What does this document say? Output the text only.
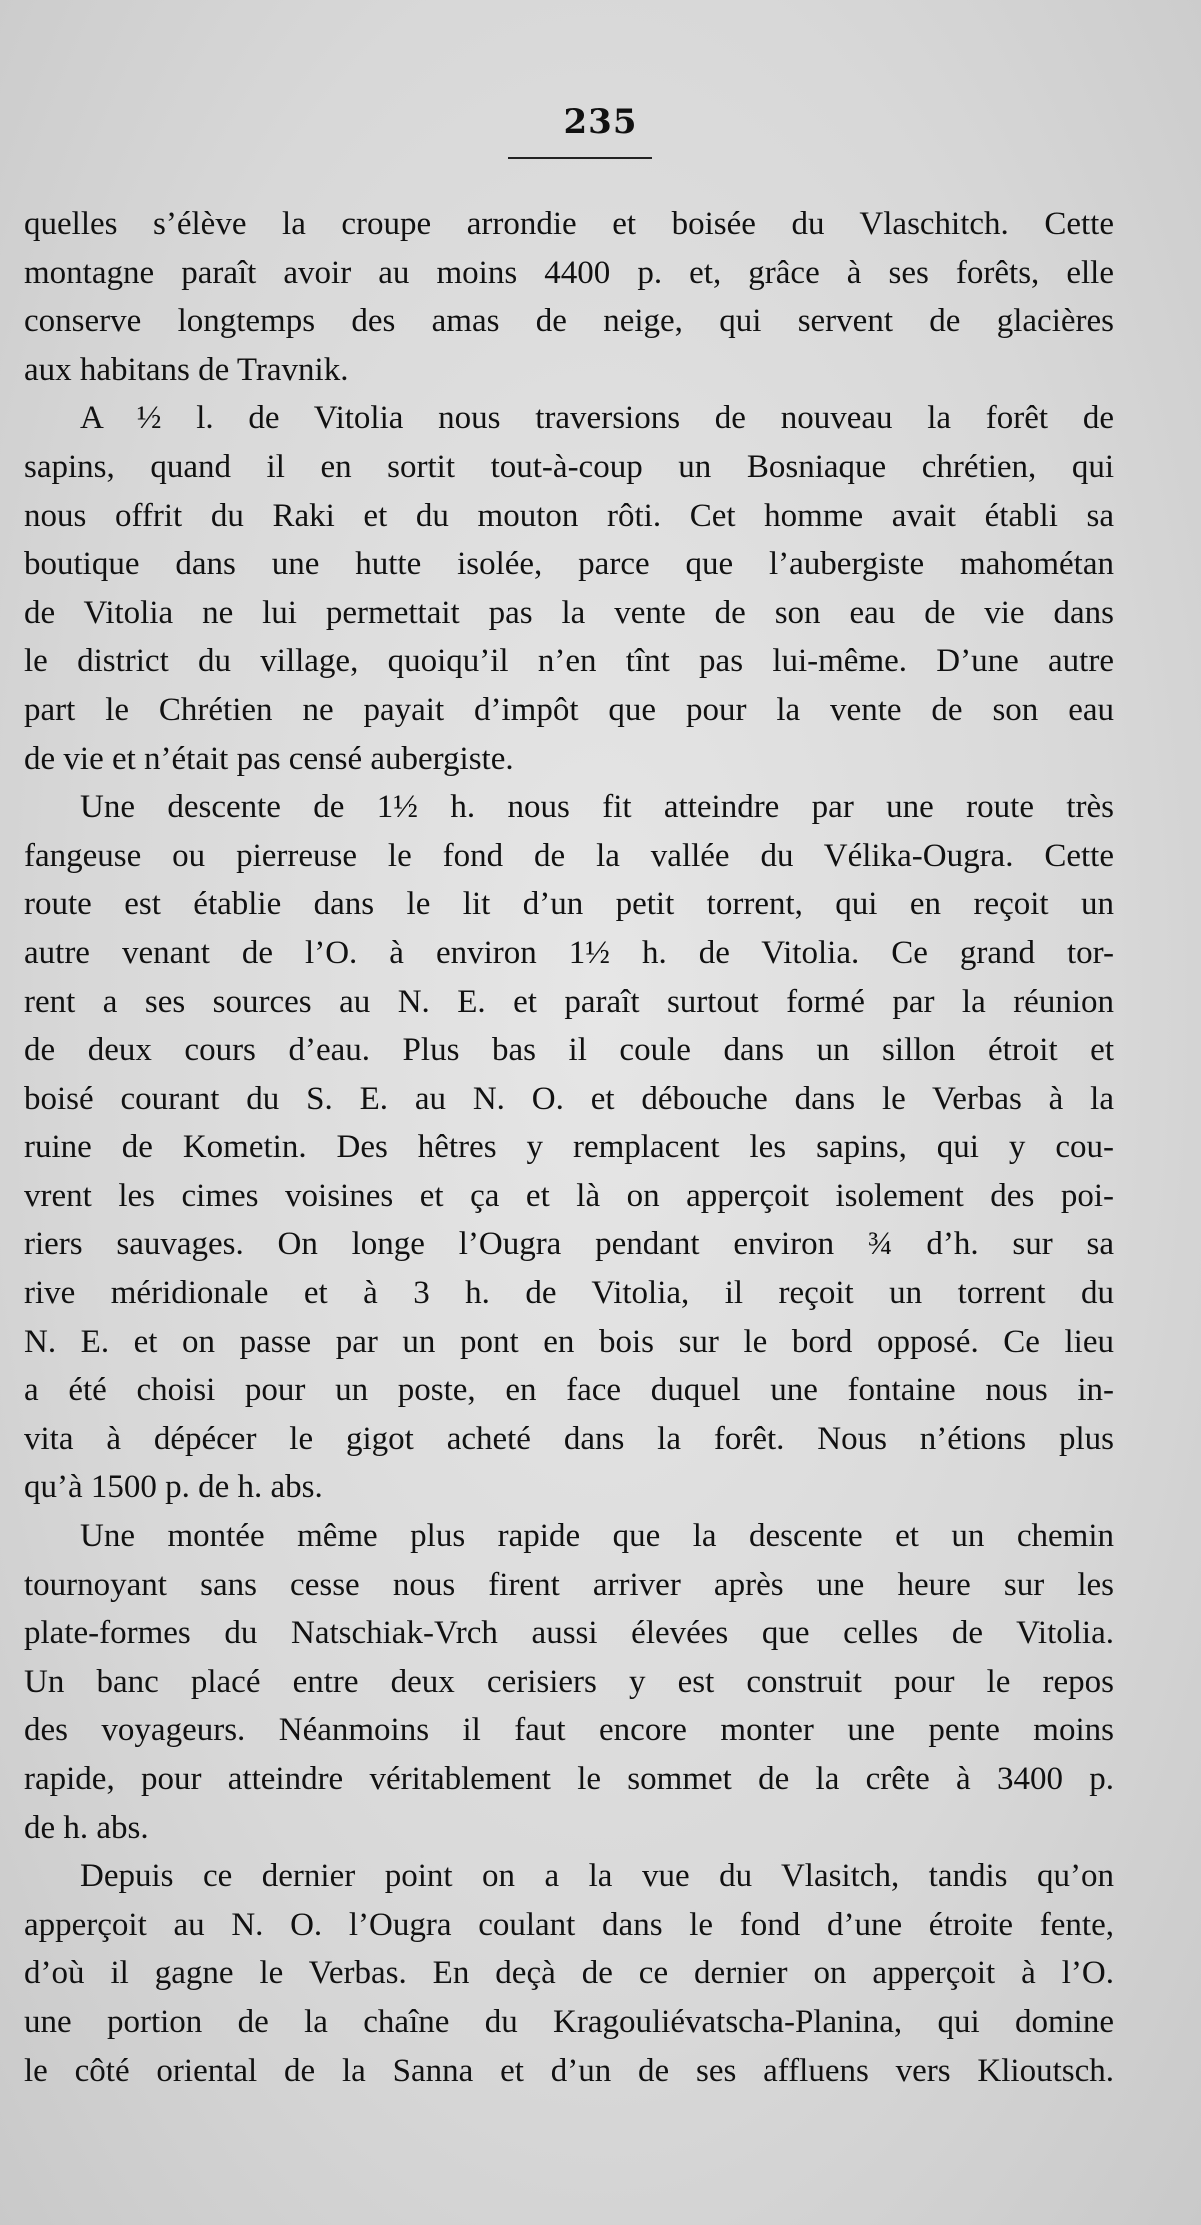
235
quelles s’élève la croupe arrondie et boisée du Vlaschitch. Cette
montagne paraît avoir au moins 4400 p. et, grâce à ses forêts, elle
conserve longtemps des amas de neige, qui servent de glacières
aux habitans de Travnik.
A ½ l. de Vitolia nous traversions de nouveau la forêt de
sapins, quand il en sortit tout-à-coup un Bosniaque chrétien, qui
nous offrit du Raki et du mouton rôti. Cet homme avait établi sa
boutique dans une hutte isolée, parce que l’aubergiste mahométan
de Vitolia ne lui permettait pas la vente de son eau de vie dans
le district du village, quoiqu’il n’en tînt pas lui-même. D’une autre
part le Chrétien ne payait d’impôt que pour la vente de son eau
de vie et n’était pas censé aubergiste.
Une descente de 1½ h. nous fit atteindre par une route très
fangeuse ou pierreuse le fond de la vallée du Vélika-Ougra. Cette
route est établie dans le lit d’un petit torrent, qui en reçoit un
autre venant de l’O. à environ 1½ h. de Vitolia. Ce grand tor-
rent a ses sources au N. E. et paraît surtout formé par la réunion
de deux cours d’eau. Plus bas il coule dans un sillon étroit et
boisé courant du S. E. au N. O. et débouche dans le Verbas à la
ruine de Kometin. Des hêtres y remplacent les sapins, qui y cou-
vrent les cimes voisines et ça et là on apperçoit isolement des poi-
riers sauvages. On longe l’Ougra pendant environ ¾ d’h. sur sa
rive méridionale et à 3 h. de Vitolia, il reçoit un torrent du
N. E. et on passe par un pont en bois sur le bord opposé. Ce lieu
a été choisi pour un poste, en face duquel une fontaine nous in-
vita à dépécer le gigot acheté dans la forêt. Nous n’étions plus
qu’à 1500 p. de h. abs.
Une montée même plus rapide que la descente et un chemin
tournoyant sans cesse nous firent arriver après une heure sur les
plate-formes du Natschiak-Vrch aussi élevées que celles de Vitolia.
Un banc placé entre deux cerisiers y est construit pour le repos
des voyageurs. Néanmoins il faut encore monter une pente moins
rapide, pour atteindre véritablement le sommet de la crête à 3400 p.
de h. abs.
Depuis ce dernier point on a la vue du Vlasitch, tandis qu’on
apperçoit au N. O. l’Ougra coulant dans le fond d’une étroite fente,
d’où il gagne le Verbas. En deçà de ce dernier on apperçoit à l’O.
une portion de la chaîne du Kragouliévatscha-Planina, qui domine
le côté oriental de la Sanna et d’un de ses affluens vers Klioutsch.
